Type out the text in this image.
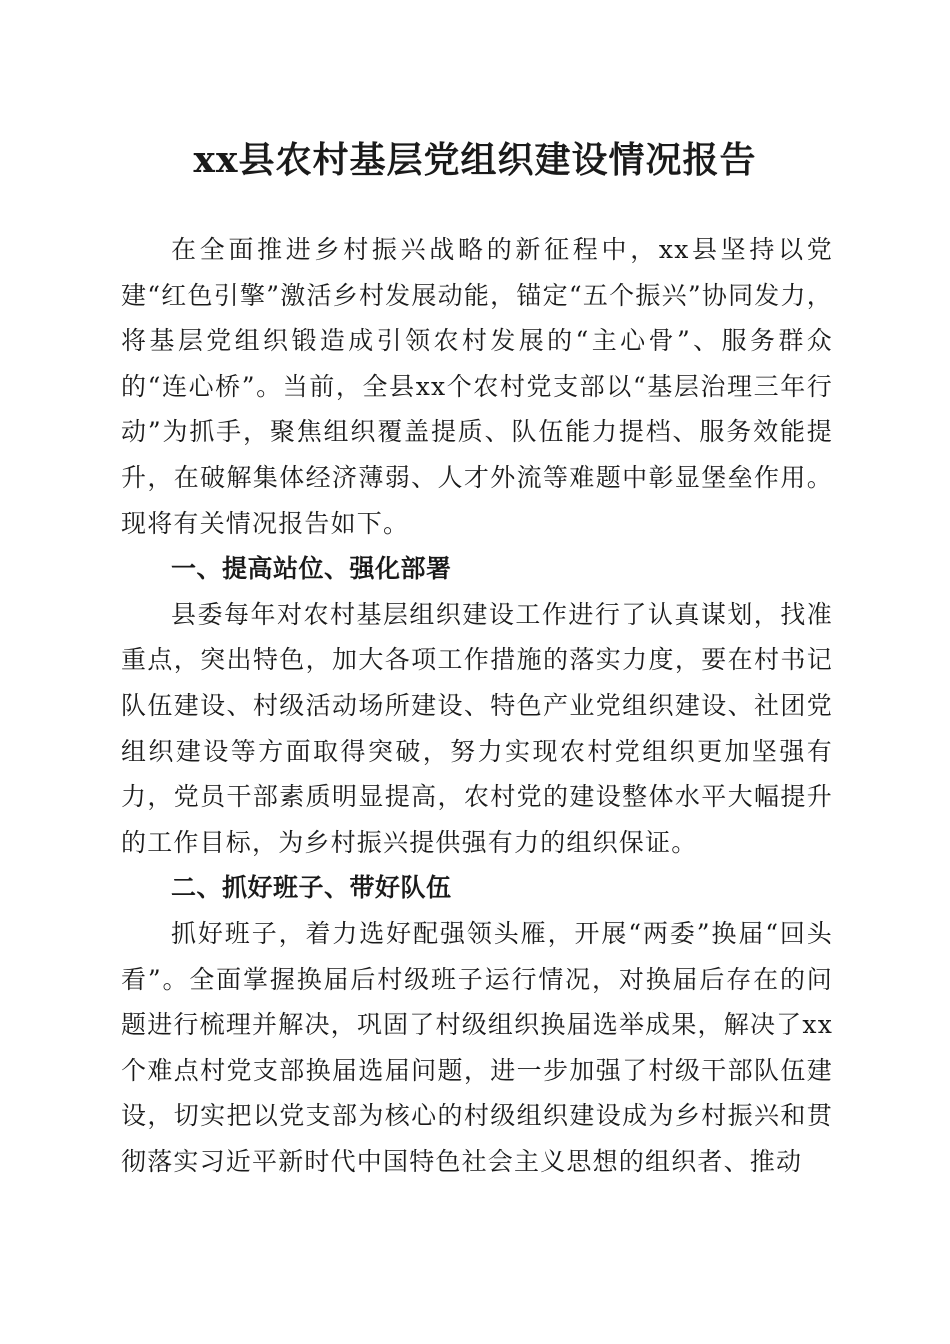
xx县农村基层党组织建设情况报告

在全面推进乡村振兴战略的新征程中，xx县坚持以党建“红色引擎”激活乡村发展动能，锚定“五个振兴”协同发力，将基层党组织锻造成引领农村发展的“主心骨”、服务群众的“连心桥”。当前，全县xx个农村党支部以“基层治理三年行动”为抓手，聚焦组织覆盖提质、队伍能力提档、服务效能提升，在破解集体经济薄弱、人才外流等难题中彰显堡垒作用。现将有关情况报告如下。

一、提高站位、强化部署

县委每年对农村基层组织建设工作进行了认真谋划，找准重点，突出特色，加大各项工作措施的落实力度，要在村书记队伍建设、村级活动场所建设、特色产业党组织建设、社团党组织建设等方面取得突破，努力实现农村党组织更加坚强有力，党员干部素质明显提高，农村党的建设整体水平大幅提升的工作目标，为乡村振兴提供强有力的组织保证。

二、抓好班子、带好队伍

抓好班子，着力选好配强领头雁，开展“两委”换届“回头看”。全面掌握换届后村级班子运行情况，对换届后存在的问题进行梳理并解决，巩固了村级组织换届选举成果，解决了xx个难点村党支部换届选届问题，进一步加强了村级干部队伍建设，切实把以党支部为核心的村级组织建设成为乡村振兴和贯彻落实习近平新时代中国特色社会主义思想的组织者、推动
